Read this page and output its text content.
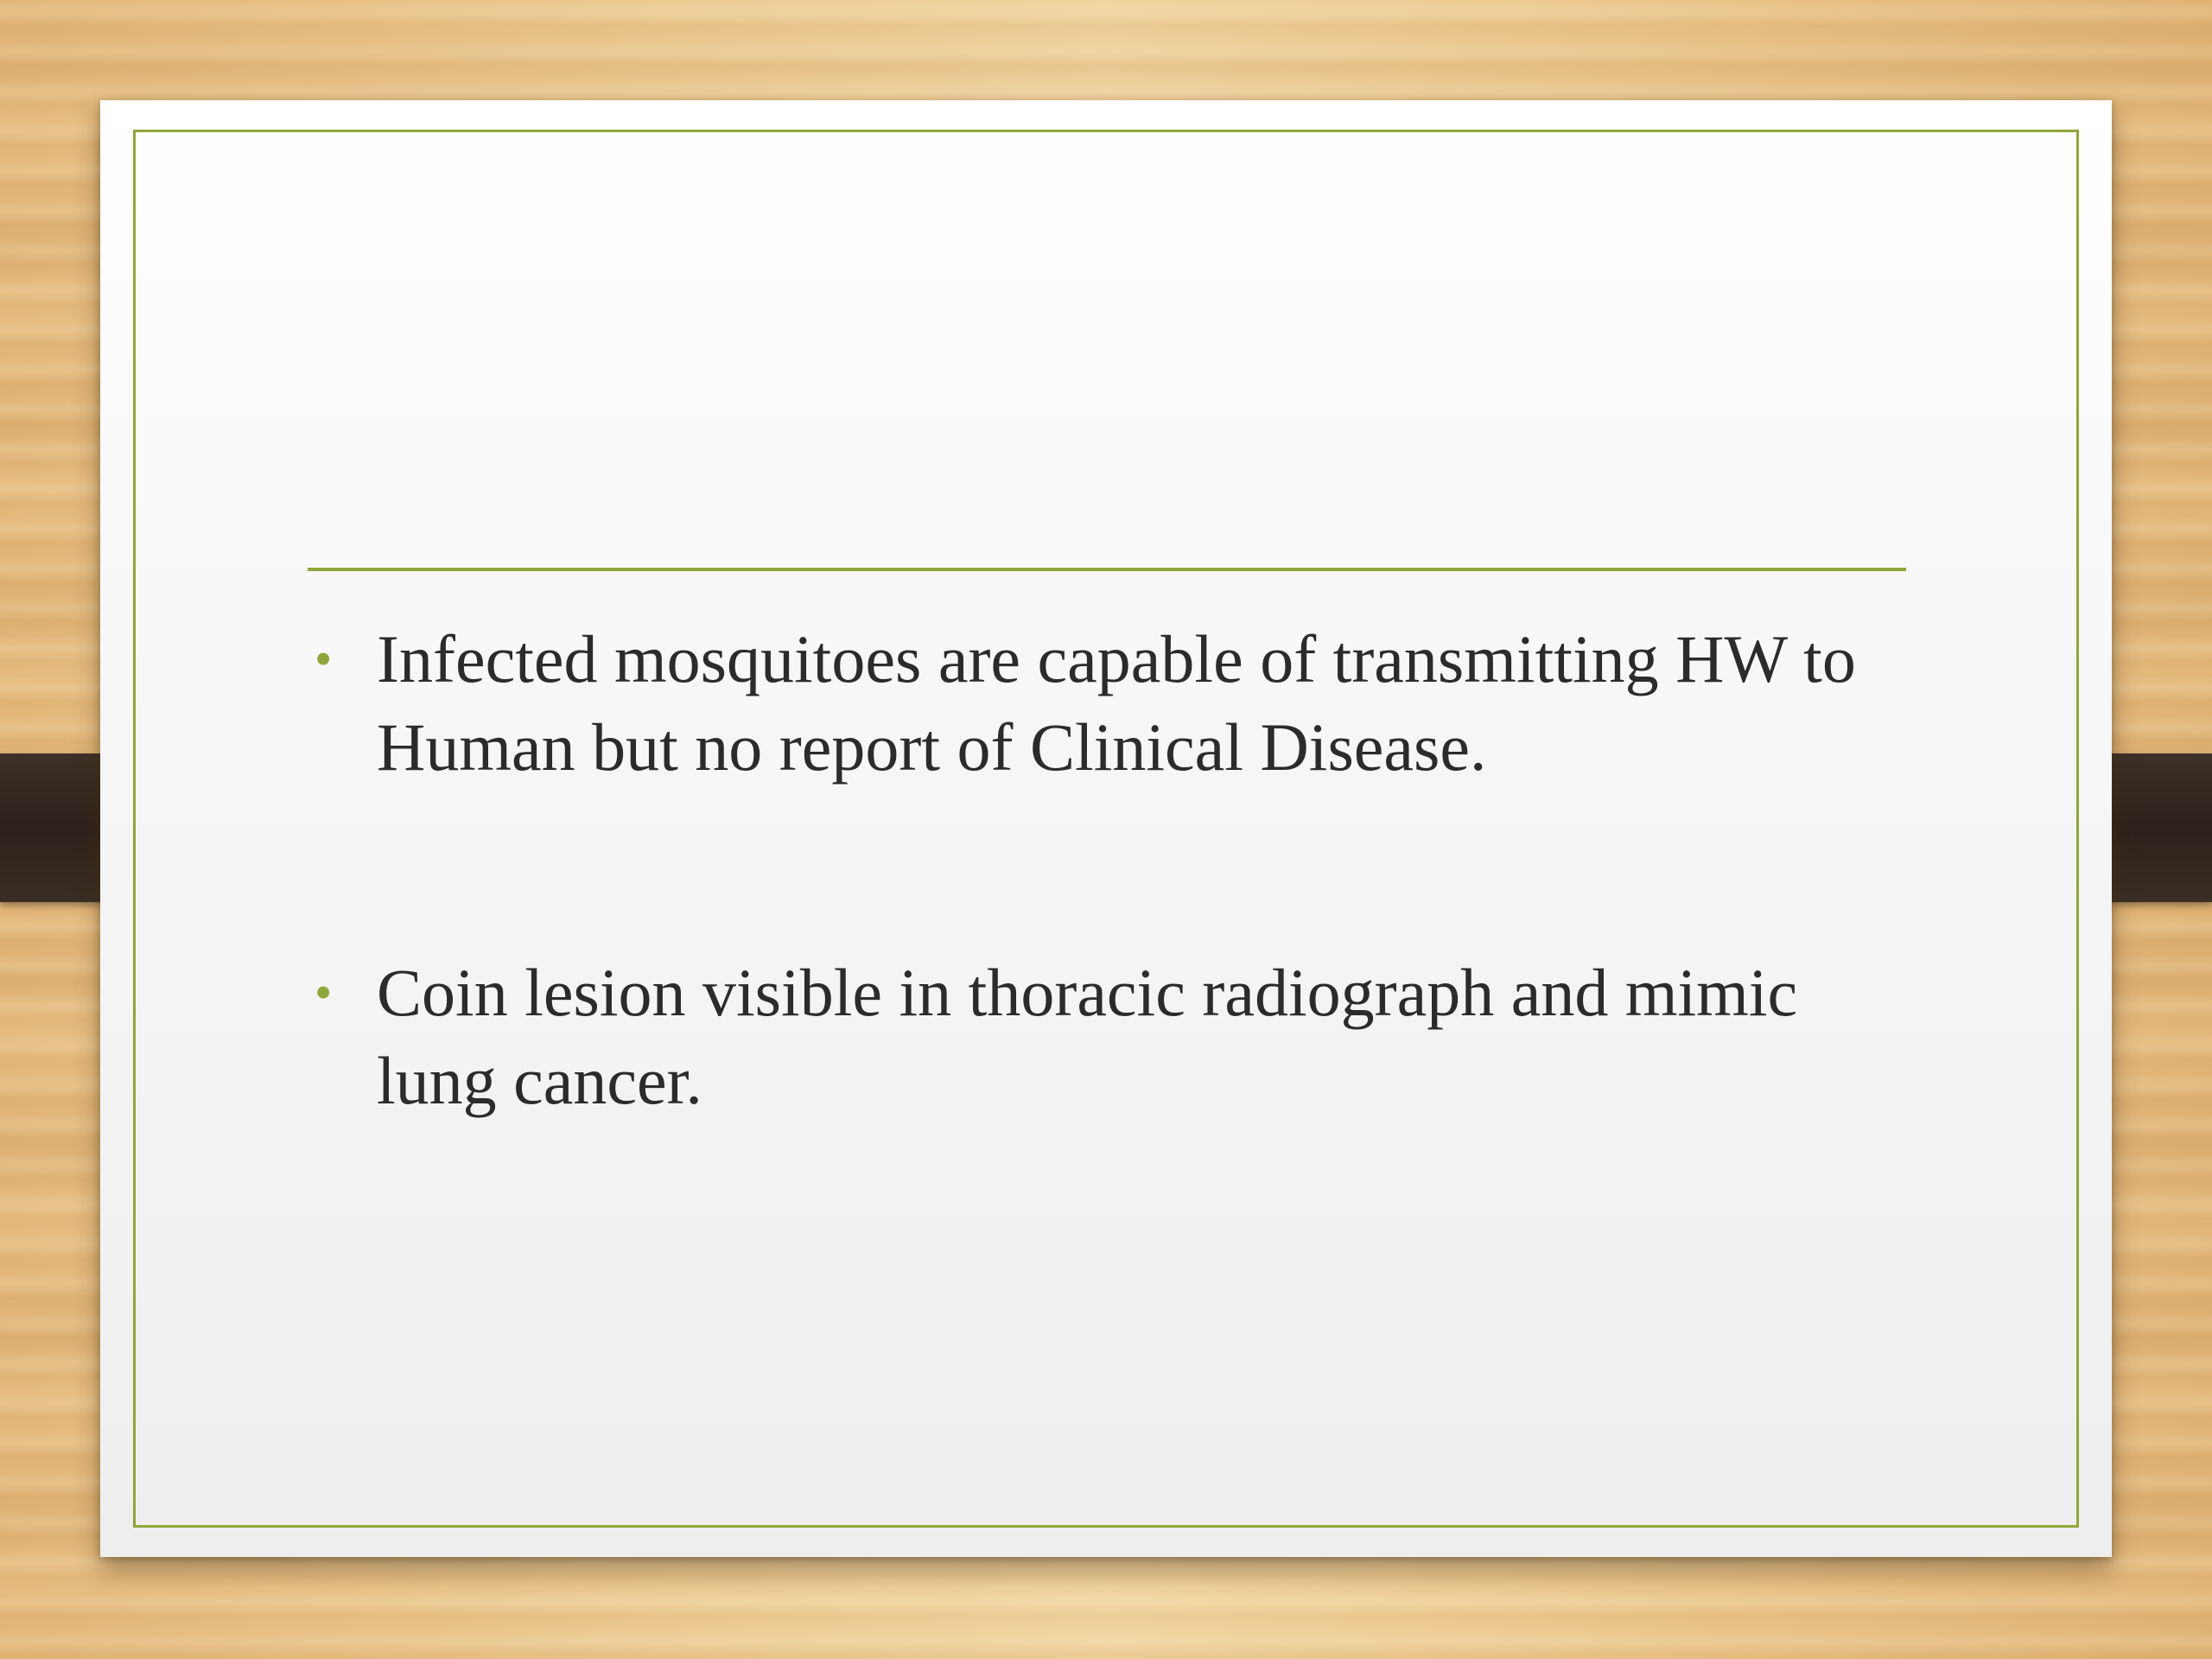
• Infected mosquitoes are capable of transmitting HW to Human but no report of Clinical Disease.
• Coin lesion visible in thoracic radiograph and mimic lung cancer.
